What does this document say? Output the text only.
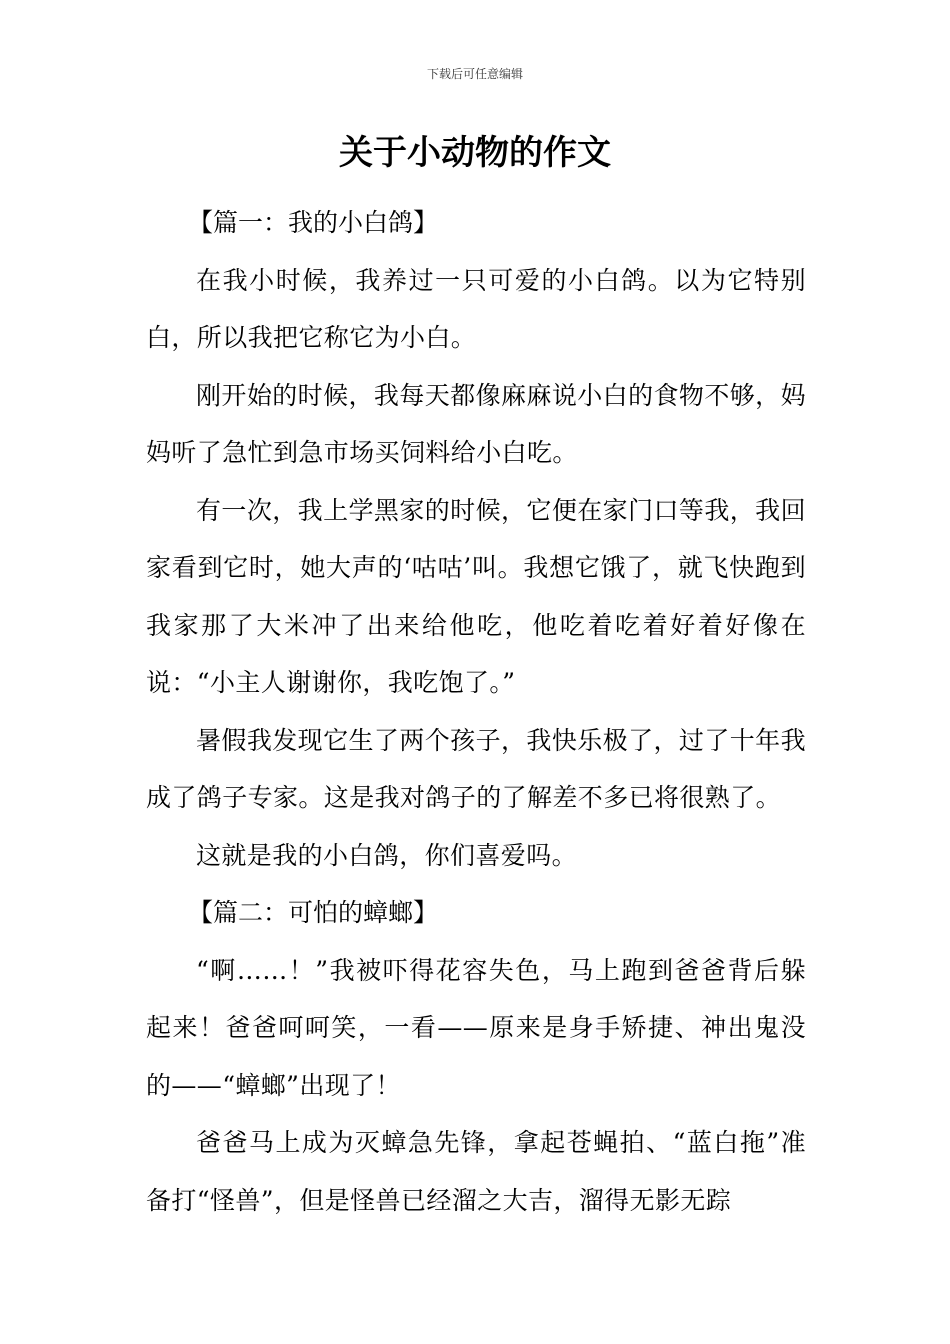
下载后可任意编辑
关于小动物的作文

【篇一：我的小白鸽】

在我小时候，我养过一只可爱的小白鸽。以为它特别白，所以我把它称它为小白。

刚开始的时候，我每天都像麻麻说小白的食物不够，妈妈听了急忙到急市场买饲料给小白吃。

有一次，我上学黑家的时候，它便在家门口等我，我回家看到它时，她大声的‘咕咕’叫。我想它饿了，就飞快跑到我家那了大米冲了出来给他吃，他吃着吃着好着好像在说：“小主人谢谢你，我吃饱了。”

暑假我发现它生了两个孩子，我快乐极了，过了十年我成了鸽子专家。这是我对鸽子的了解差不多已将很熟了。

这就是我的小白鸽，你们喜爱吗。

【篇二：可怕的蟑螂】

“啊……！”我被吓得花容失色，马上跑到爸爸背后躲起来！爸爸呵呵笑，一看——原来是身手矫捷、神出鬼没的——“蟑螂”出现了！

爸爸马上成为灭蟑急先锋，拿起苍蝇拍、“蓝白拖”准备打“怪兽”，但是怪兽已经溜之大吉，溜得无影无踪
